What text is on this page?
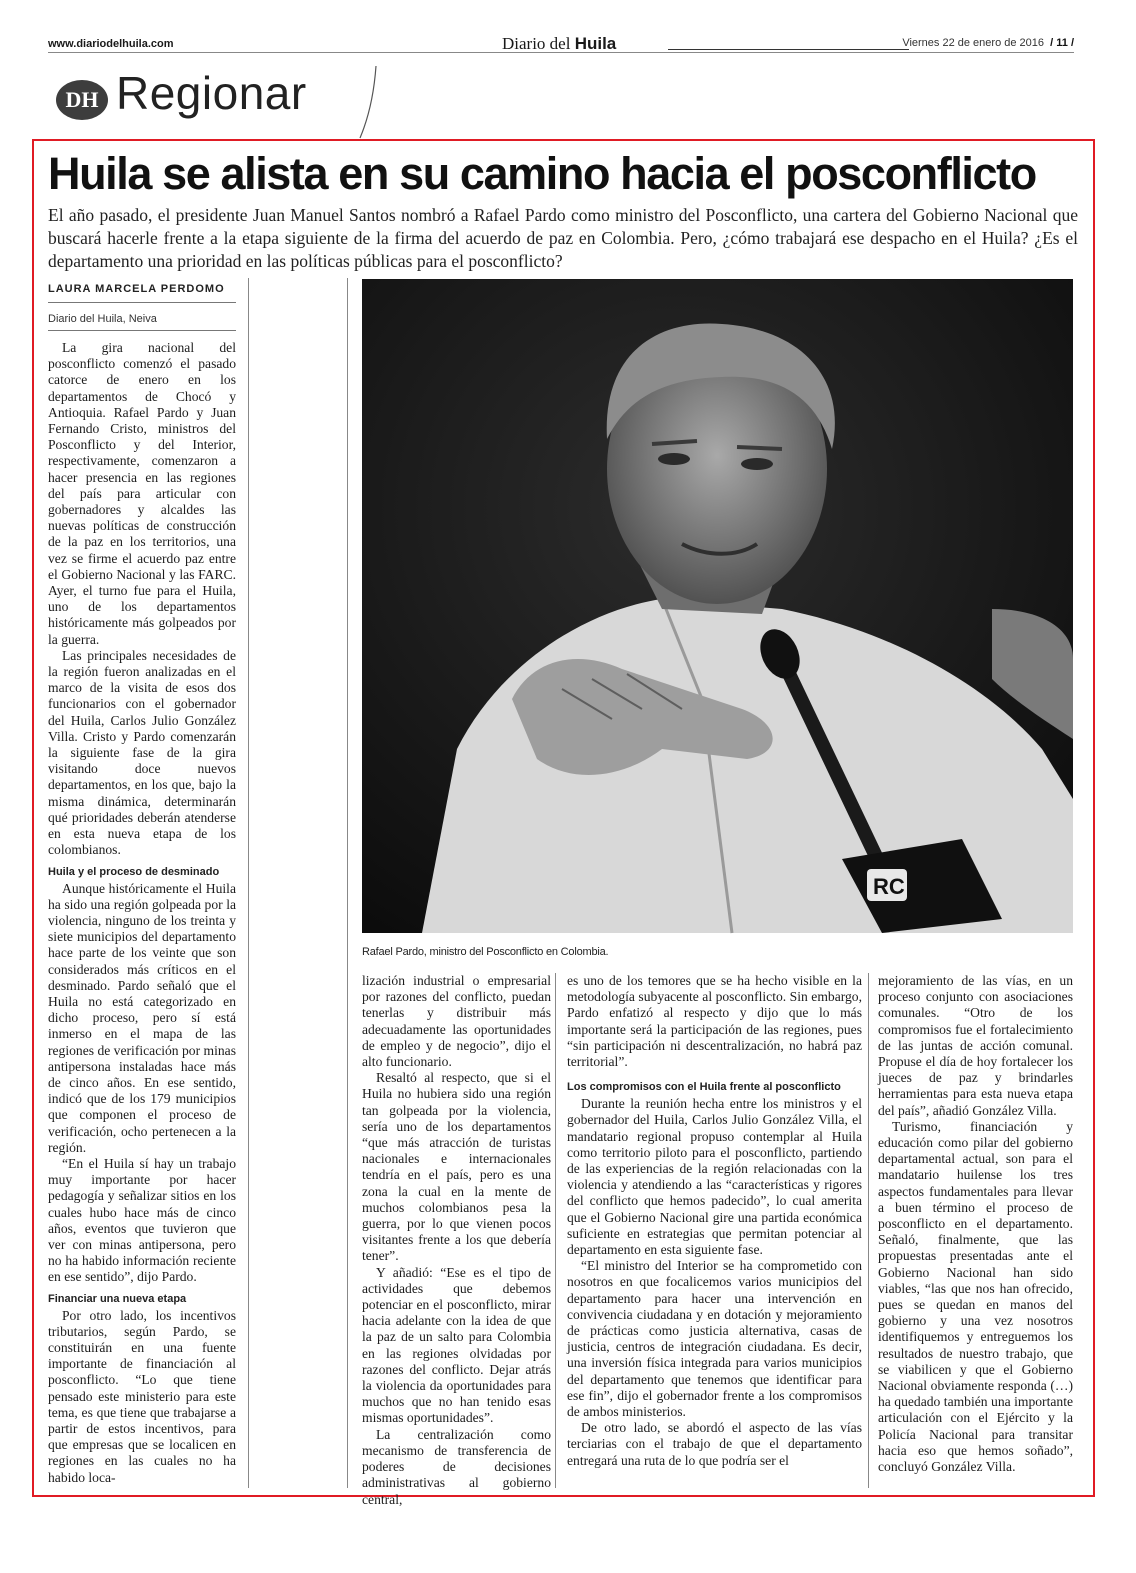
www.diariodelhuila.com	Diario del Huila	Viernes 22 de enero de 2016 / 11 /
DH Regionar
Huila se alista en su camino hacia el posconflicto

El año pasado, el presidente Juan Manuel Santos nombró a Rafael Pardo como ministro del Posconflicto, una cartera del Gobierno Nacional que buscará hacerle frente a la etapa siguiente de la firma del acuerdo de paz en Colombia. Pero, ¿cómo trabajará ese despacho en el Huila? ¿Es el departamento una prioridad en las políticas públicas para el posconflicto?

LAURA MARCELA PERDOMO
Diario del Huila, Neiva

La gira nacional del posconflicto comenzó el pasado catorce de enero en los departamentos de Chocó y Antioquia. Rafael Pardo y Juan Fernando Cristo, ministros del Posconflicto y del Interior, respectivamente, comenzaron a hacer presencia en las regiones del país para articular con gobernadores y alcaldes las nuevas políticas de construcción de la paz en los territorios, una vez se firme el acuerdo paz entre el Gobierno Nacional y las FARC. Ayer, el turno fue para el Huila, uno de los departamentos históricamente más golpeados por la guerra.

Las principales necesidades de la región fueron analizadas en el marco de la visita de esos dos funcionarios con el gobernador del Huila, Carlos Julio González Villa. Cristo y Pardo comenzarán la siguiente fase de la gira visitando doce nuevos departamentos, en los que, bajo la misma dinámica, determinarán qué prioridades deberán atenderse en esta nueva etapa de los colombianos.

Huila y el proceso de desminado

Aunque históricamente el Huila ha sido una región golpeada por la violencia, ninguno de los treinta y siete municipios del departamento hace parte de los veinte que son considerados más críticos en el desminado. Pardo señaló que el Huila no está categorizado en dicho proceso, pero sí está inmerso en el mapa de las regiones de verificación por minas antipersona instaladas hace más de cinco años. En ese sentido, indicó que de los 179 municipios que componen el proceso de verificación, ocho pertenecen a la región.

“En el Huila sí hay un trabajo muy importante por hacer pedagogía y señalizar sitios en los cuales hubo hace más de cinco años, eventos que tuvieron que ver con minas antipersona, pero no ha habido información reciente en ese sentido”, dijo Pardo.

Financiar una nueva etapa

Por otro lado, los incentivos tributarios, según Pardo, se constituirán en una fuente importante de financiación al posconflicto. “Lo que tiene pensado este ministerio para este tema, es que tiene que trabajarse a partir de estos incentivos, para que empresas que se localicen en regiones en las cuales no ha habido loca-

RC
Rafael Pardo, ministro del Posconflicto en Colombia.

lización industrial o empresarial por razones del conflicto, puedan tenerlas y distribuir más adecuadamente las oportunidades de empleo y de negocio”, dijo el alto funcionario.

Resaltó al respecto, que si el Huila no hubiera sido una región tan golpeada por la violencia, sería uno de los departamentos “que más atracción de turistas nacionales e internacionales tendría en el país, pero es una zona la cual en la mente de muchos colombianos pesa la guerra, por lo que vienen pocos visitantes frente a los que debería tener”.

Y añadió: “Ese es el tipo de actividades que debemos potenciar en el posconflicto, mirar hacia adelante con la idea de que la paz de un salto para Colombia en las regiones olvidadas por razones del conflicto. Dejar atrás la violencia da oportunidades para muchos que no han tenido esas mismas oportunidades”.

La centralización como mecanismo de transferencia de poderes de decisiones administrativas al gobierno central,

es uno de los temores que se ha hecho visible en la metodología subyacente al posconflicto. Sin embargo, Pardo enfatizó al respecto y dijo que lo más importante será la participación de las regiones, pues “sin participación ni descentralización, no habrá paz territorial”.

Los compromisos con el Huila frente al posconflicto

Durante la reunión hecha entre los ministros y el gobernador del Huila, Carlos Julio González Villa, el mandatario regional propuso contemplar al Huila como territorio piloto para el posconflicto, partiendo de las experiencias de la región relacionadas con la violencia y atendiendo a las “características y rigores del conflicto que hemos padecido”, lo cual amerita que el Gobierno Nacional gire una partida económica suficiente en estrategias que permitan potenciar al departamento en esta siguiente fase.

“El ministro del Interior se ha comprometido con nosotros en que focalicemos varios municipios del departamento para hacer una intervención en convivencia ciudadana y en dotación y mejoramiento de prácticas como justicia alternativa, casas de justicia, centros de integración ciudadana. Es decir, una inversión física integrada para varios municipios del departamento que tenemos que identificar para ese fin”, dijo el gobernador frente a los compromisos de ambos ministerios.

De otro lado, se abordó el aspecto de las vías terciarias con el trabajo de que el departamento entregará una ruta de lo que podría ser el

mejoramiento de las vías, en un proceso conjunto con asociaciones comunales. “Otro de los compromisos fue el fortalecimiento de las juntas de acción comunal. Propuse el día de hoy fortalecer los jueces de paz y brindarles herramientas para esta nueva etapa del país”, añadió González Villa.

Turismo, financiación y educación como pilar del gobierno departamental actual, son para el mandatario huilense los tres aspectos fundamentales para llevar a buen término el proceso de posconflicto en el departamento. Señaló, finalmente, que las propuestas presentadas ante el Gobierno Nacional han sido viables, “las que nos han ofrecido, pues se quedan en manos del gobierno y una vez nosotros identifiquemos y entreguemos los resultados de nuestro trabajo, que se viabilicen y que el Gobierno Nacional obviamente responda (…) ha quedado también una importante articulación con el Ejército y la Policía Nacional para transitar hacia eso que hemos soñado”, concluyó González Villa.
